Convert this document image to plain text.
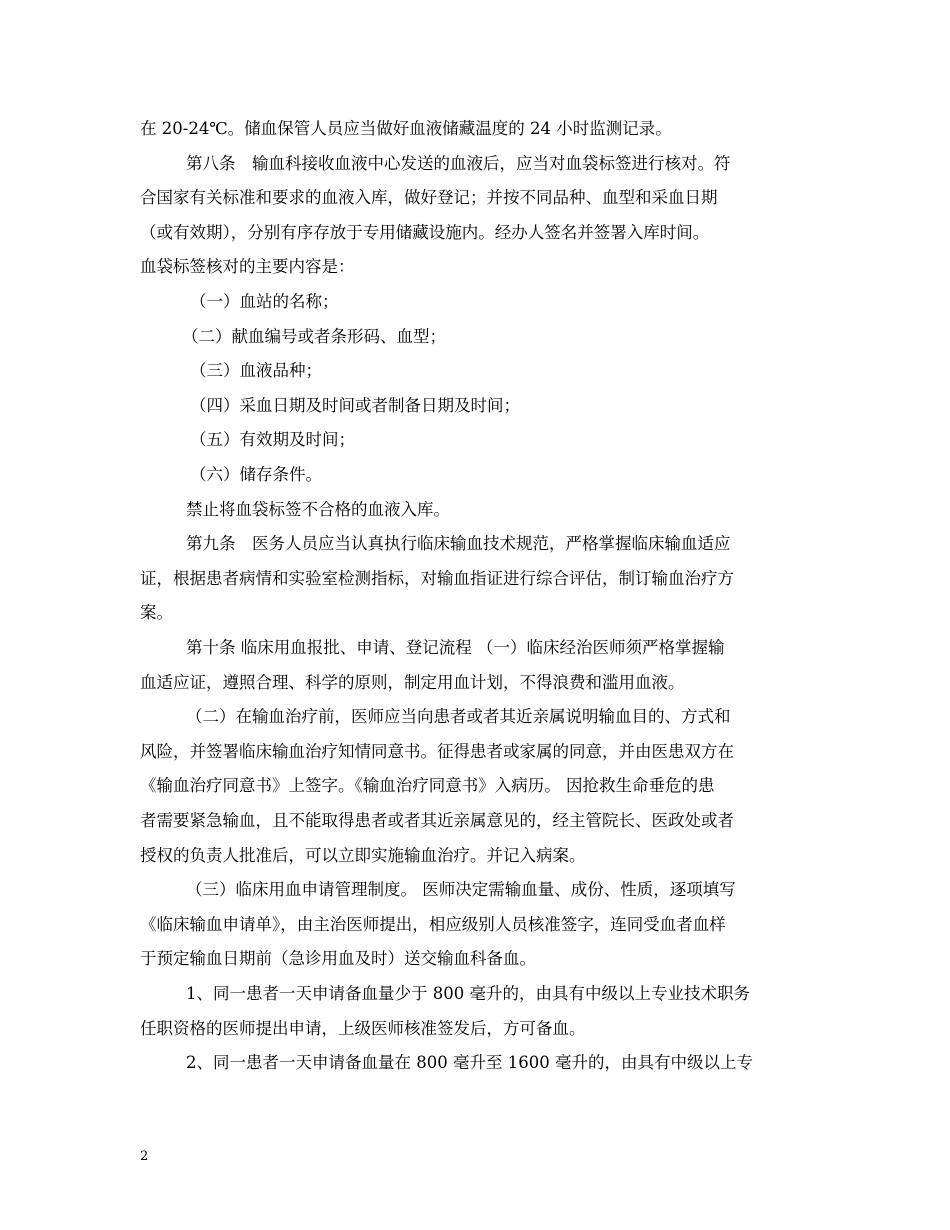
在 20-24℃。储血保管人员应当做好血液储藏温度的 24 小时监测记录。
第八条　输血科接收血液中心发送的血液后，应当对血袋标签进行核对。符
合国家有关标准和要求的血液入库，做好登记；并按不同品种、血型和采血日期
（或有效期），分别有序存放于专用储藏设施内。经办人签名并签署入库时间。
血袋标签核对的主要内容是：
（一）血站的名称；
（二）献血编号或者条形码、血型；
（三）血液品种；
（四）采血日期及时间或者制备日期及时间；
（五）有效期及时间；
（六）储存条件。
禁止将血袋标签不合格的血液入库。
第九条　医务人员应当认真执行临床输血技术规范，严格掌握临床输血适应
证，根据患者病情和实验室检测指标，对输血指证进行综合评估，制订输血治疗方
案。
第十条 临床用血报批、申请、登记流程 （一）临床经治医师须严格掌握输
血适应证，遵照合理、科学的原则，制定用血计划，不得浪费和滥用血液。
（二）在输血治疗前，医师应当向患者或者其近亲属说明输血目的、方式和
风险，并签署临床输血治疗知情同意书。征得患者或家属的同意，并由医患双方在
《输血治疗同意书》上签字。《输血治疗同意书》入病历。 因抢救生命垂危的患
者需要紧急输血，且不能取得患者或者其近亲属意见的，经主管院长、医政处或者
授权的负责人批准后，可以立即实施输血治疗。并记入病案。
（三）临床用血申请管理制度。 医师决定需输血量、成份、性质，逐项填写
《临床输血申请单》，由主治医师提出，相应级别人员核准签字，连同受血者血样
于预定输血日期前（急诊用血及时）送交输血科备血。
1、同一患者一天申请备血量少于 800 毫升的，由具有中级以上专业技术职务
任职资格的医师提出申请，上级医师核准签发后，方可备血。
2、同一患者一天申请备血量在 800 毫升至 1600 毫升的，由具有中级以上专
2
